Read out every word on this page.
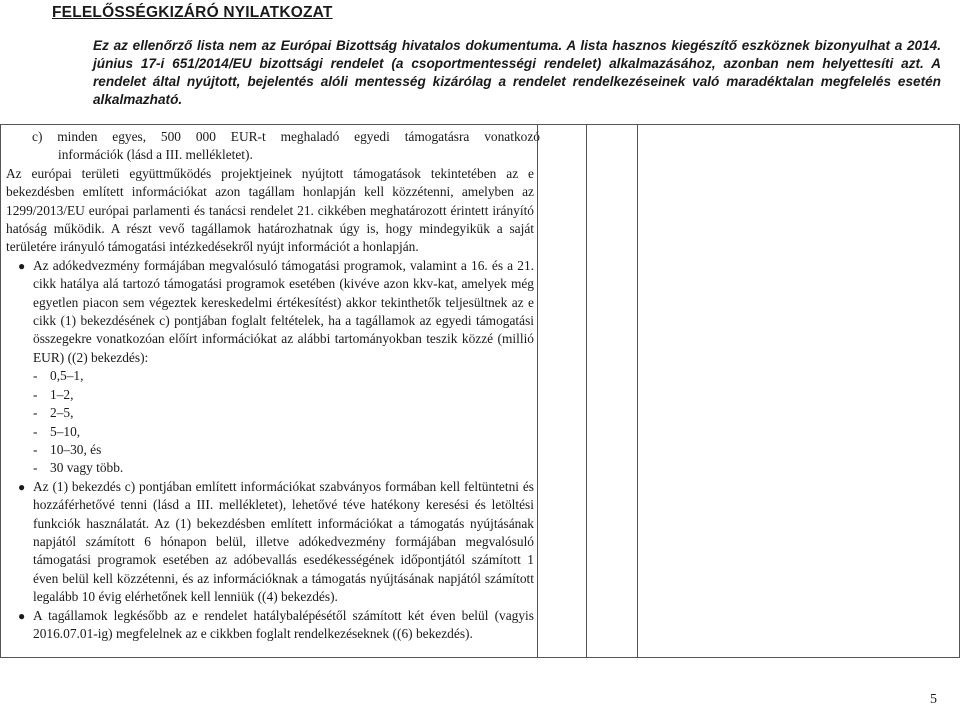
FELELŐSSÉGKIZÁRÓ NYILATKOZAT

Ez az ellenőrző lista nem az Európai Bizottság hivatalos dokumentuma. A lista hasznos kiegészítő eszköznek bizonyulhat a 2014. június 17-i 651/2014/EU bizottsági rendelet (a csoportmentességi rendelet) alkalmazásához, azonban nem helyettesíti azt. A rendelet által nyújtott, bejelentés alóli mentesség kizárólag a rendelet rendelkezéseinek való maradéktalan megfelelés esetén alkalmazható.

c) minden egyes, 500 000 EUR-t meghaladó egyedi támogatásra vonatkozó
információk (lásd a III. mellékletet).

Az európai területi együttműködés projektjeinek nyújtott támogatások tekintetében az e bekezdésben említett információkat azon tagállam honlapján kell közzétenni, amelyben az 1299/2013/EU európai parlamenti és tanácsi rendelet 21. cikkében meghatározott érintett irányító hatóság működik. A részt vevő tagállamok határozhatnak úgy is, hogy mindegyikük a saját területére irányuló támogatási intézkedésekről nyújt információt a honlapján.

● Az adókedvezmény formájában megvalósuló támogatási programok, valamint a 16. és a 21. cikk hatálya alá tartozó támogatási programok esetében (kivéve azon kkv-kat, amelyek még egyetlen piacon sem végeztek kereskedelmi értékesítést) akkor tekinthetők teljesültnek az e cikk (1) bekezdésének c) pontjában foglalt feltételek, ha a tagállamok az egyedi támogatási összegekre vonatkozóan előírt információkat az alábbi tartományokban teszik közzé (millió EUR) ((2) bekezdés):
- 0,5–1,
- 1–2,
- 2–5,
- 5–10,
- 10–30, és
- 30 vagy több.
● Az (1) bekezdés c) pontjában említett információkat szabványos formában kell feltüntetni és hozzáférhetővé tenni (lásd a III. mellékletet), lehetővé téve hatékony keresési és letöltési funkciók használatát. Az (1) bekezdésben említett információkat a támogatás nyújtásának napjától számított 6 hónapon belül, illetve adókedvezmény formájában megvalósuló támogatási programok esetében az adóbevallás esedékességének időpontjától számított 1 éven belül kell közzétenni, és az információknak a támogatás nyújtásának napjától számított legalább 10 évig elérhetőnek kell lenniük ((4) bekezdés).
● A tagállamok legkésőbb az e rendelet hatálybalépésétől számított két éven belül (vagyis 2016.07.01-ig) megfelelnek az e cikkben foglalt rendelkezéseknek ((6) bekezdés).
5
